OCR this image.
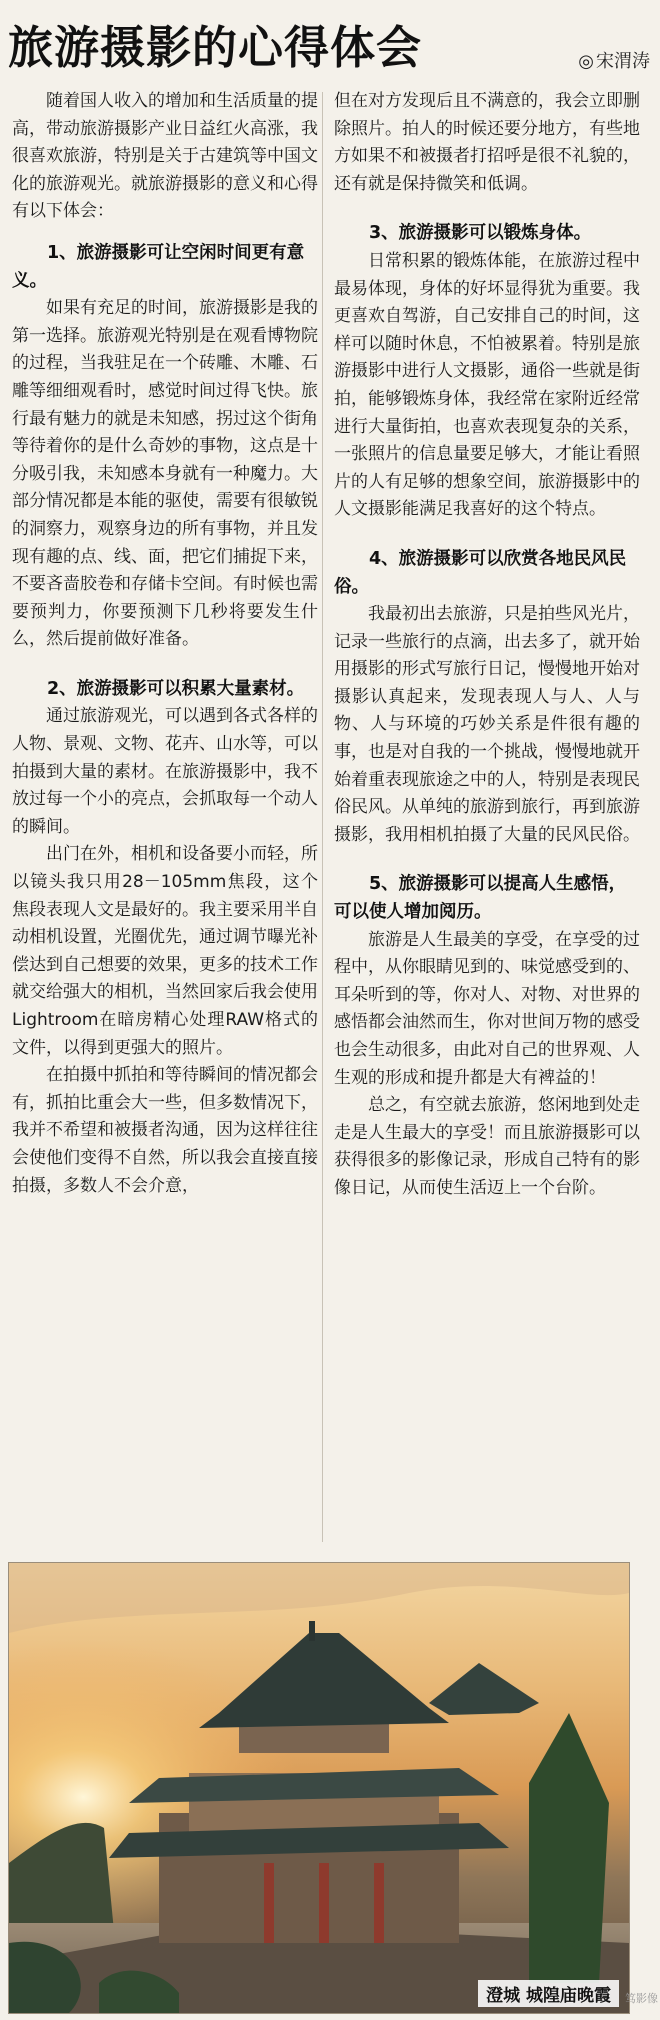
旅游摄影的心得体会	◎ 宋渭涛

随着国人收入的增加和生活质量的提高，带动旅游摄影产业日益红火高涨，我很喜欢旅游，特别是关于古建筑等中国文化的旅游观光。就旅游摄影的意义和心得有以下体会：

1、旅游摄影可让空闲时间更有意义。

如果有充足的时间，旅游摄影是我的第一选择。旅游观光特别是在观看博物院的过程，当我驻足在一个砖雕、木雕、石雕等细细观看时，感觉时间过得飞快。旅行最有魅力的就是未知感，拐过这个街角等待着你的是什么奇妙的事物，这点是十分吸引我，未知感本身就有一种魔力。大部分情况都是本能的驱使，需要有很敏锐的洞察力，观察身边的所有事物，并且发现有趣的点、线、面，把它们捕捉下来，不要吝啬胶卷和存储卡空间。有时候也需要预判力，你要预测下几秒将要发生什么，然后提前做好准备。

2、旅游摄影可以积累大量素材。

通过旅游观光，可以遇到各式各样的人物、景观、文物、花卉、山水等，可以拍摄到大量的素材。在旅游摄影中，我不放过每一个小的亮点，会抓取每一个动人的瞬间。

出门在外，相机和设备要小而轻，所以镜头我只用28－105mm焦段，这个焦段表现人文是最好的。我主要采用半自动相机设置，光圈优先，通过调节曝光补偿达到自己想要的效果，更多的技术工作就交给强大的相机，当然回家后我会使用Lightroom在暗房精心处理RAW格式的文件，以得到更强大的照片。

在拍摄中抓拍和等待瞬间的情况都会有，抓拍比重会大一些，但多数情况下，我并不希望和被摄者沟通，因为这样往往会使他们变得不自然，所以我会直接直接拍摄，多数人不会介意，

但在对方发现后且不满意的，我会立即删除照片。拍人的时候还要分地方，有些地方如果不和被摄者打招呼是很不礼貌的，还有就是保持微笑和低调。

3、旅游摄影可以锻炼身体。

日常积累的锻炼体能，在旅游过程中最易体现，身体的好坏显得犹为重要。我更喜欢自驾游，自己安排自己的时间，这样可以随时休息，不怕被累着。特别是旅游摄影中进行人文摄影，通俗一些就是街拍，能够锻炼身体，我经常在家附近经常进行大量街拍，也喜欢表现复杂的关系，一张照片的信息量要足够大，才能让看照片的人有足够的想象空间，旅游摄影中的人文摄影能满足我喜好的这个特点。

4、旅游摄影可以欣赏各地民风民俗。

我最初出去旅游，只是拍些风光片，记录一些旅行的点滴，出去多了，就开始用摄影的形式写旅行日记，慢慢地开始对摄影认真起来，发现表现人与人、人与物、人与环境的巧妙关系是件很有趣的事，也是对自我的一个挑战，慢慢地就开始着重表现旅途之中的人，特别是表现民俗民风。从单纯的旅游到旅行，再到旅游摄影，我用相机拍摄了大量的民风民俗。

5、旅游摄影可以提高人生感悟，可以使人增加阅历。

旅游是人生最美的享受，在享受的过程中，从你眼睛见到的、味觉感受到的、耳朵听到的等，你对人、对物、对世界的感悟都会油然而生，你对世间万物的感受也会生动很多，由此对自己的世界观、人生观的形成和提升都是大有裨益的！

总之，有空就去旅游，悠闲地到处走走是人生最大的享受！而且旅游摄影可以获得很多的影像记录，形成自己特有的影像日记，从而使生活迈上一个台阶。

澄城 城隍庙晚霞	笃影像
